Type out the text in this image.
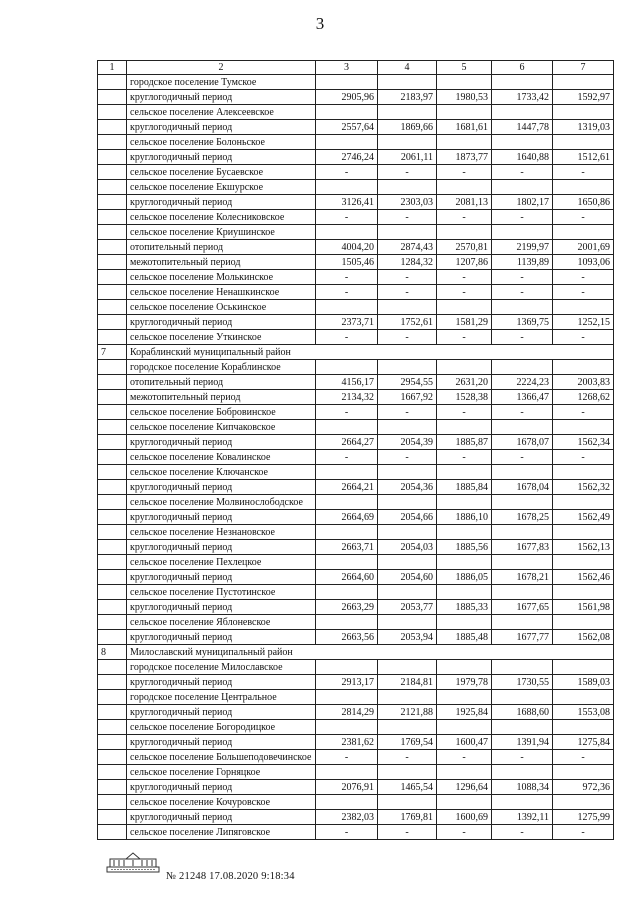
3
1	2	3	4	5	6	7
	городское поселение Тумское					
	круглогодичный период	2905,96	2183,97	1980,53	1733,42	1592,97
	сельское поселение Алексеевское					
	круглогодичный период	2557,64	1869,66	1681,61	1447,78	1319,03
	сельское поселение Болоньское					
	круглогодичный период	2746,24	2061,11	1873,77	1640,88	1512,61
	сельское поселение Бусаевское	-	-	-	-	-
	сельское поселение Екшурское					
	круглогодичный период	3126,41	2303,03	2081,13	1802,17	1650,86
	сельское поселение Колесниковское	-	-	-	-	-
	сельское поселение Криушинское					
	отопительный период	4004,20	2874,43	2570,81	2199,97	2001,69
	межотопительный период	1505,46	1284,32	1207,86	1139,89	1093,06
	сельское поселение Молькинское	-	-	-	-	-
	сельское поселение Ненашкинское	-	-	-	-	-
	сельское поселение Оськинское					
	круглогодичный период	2373,71	1752,61	1581,29	1369,75	1252,15
	сельское поселение Уткинское	-	-	-	-	-
7	Кораблинский муниципальный район					
	городское поселение Кораблинское					
	отопительный период	4156,17	2954,55	2631,20	2224,23	2003,83
	межотопительный период	2134,32	1667,92	1528,38	1366,47	1268,62
	сельское поселение Бобровинское	-	-	-	-	-
	сельское поселение Кипчаковское					
	круглогодичный период	2664,27	2054,39	1885,87	1678,07	1562,34
	сельское поселение Ковалинское	-	-	-	-	-
	сельское поселение Ключанское					
	круглогодичный период	2664,21	2054,36	1885,84	1678,04	1562,32
	сельское поселение Молвинослободское					
	круглогодичный период	2664,69	2054,66	1886,10	1678,25	1562,49
	сельское поселение Незнановское					
	круглогодичный период	2663,71	2054,03	1885,56	1677,83	1562,13
	сельское поселение Пехлецкое					
	круглогодичный период	2664,60	2054,60	1886,05	1678,21	1562,46
	сельское поселение Пустотинское					
	круглогодичный период	2663,29	2053,77	1885,33	1677,65	1561,98
	сельское поселение Яблоневское					
	круглогодичный период	2663,56	2053,94	1885,48	1677,77	1562,08
8	Милославский муниципальный район					
	городское поселение Милославское					
	круглогодичный период	2913,17	2184,81	1979,78	1730,55	1589,03
	городское поселение Центральное					
	круглогодичный период	2814,29	2121,88	1925,84	1688,60	1553,08
	сельское поселение Богородицкое					
	круглогодичный период	2381,62	1769,54	1600,47	1391,94	1275,84
	сельское поселение Большеподовечинское	-	-	-	-	-
	сельское поселение Горняцкое					
	круглогодичный период	2076,91	1465,54	1296,64	1088,34	972,36
	сельское поселение Кочуровское					
	круглогодичный период	2382,03	1769,81	1600,69	1392,11	1275,99
	сельское поселение Липяговское	-	-	-	-	-
№ 21248 17.08.2020 9:18:34
